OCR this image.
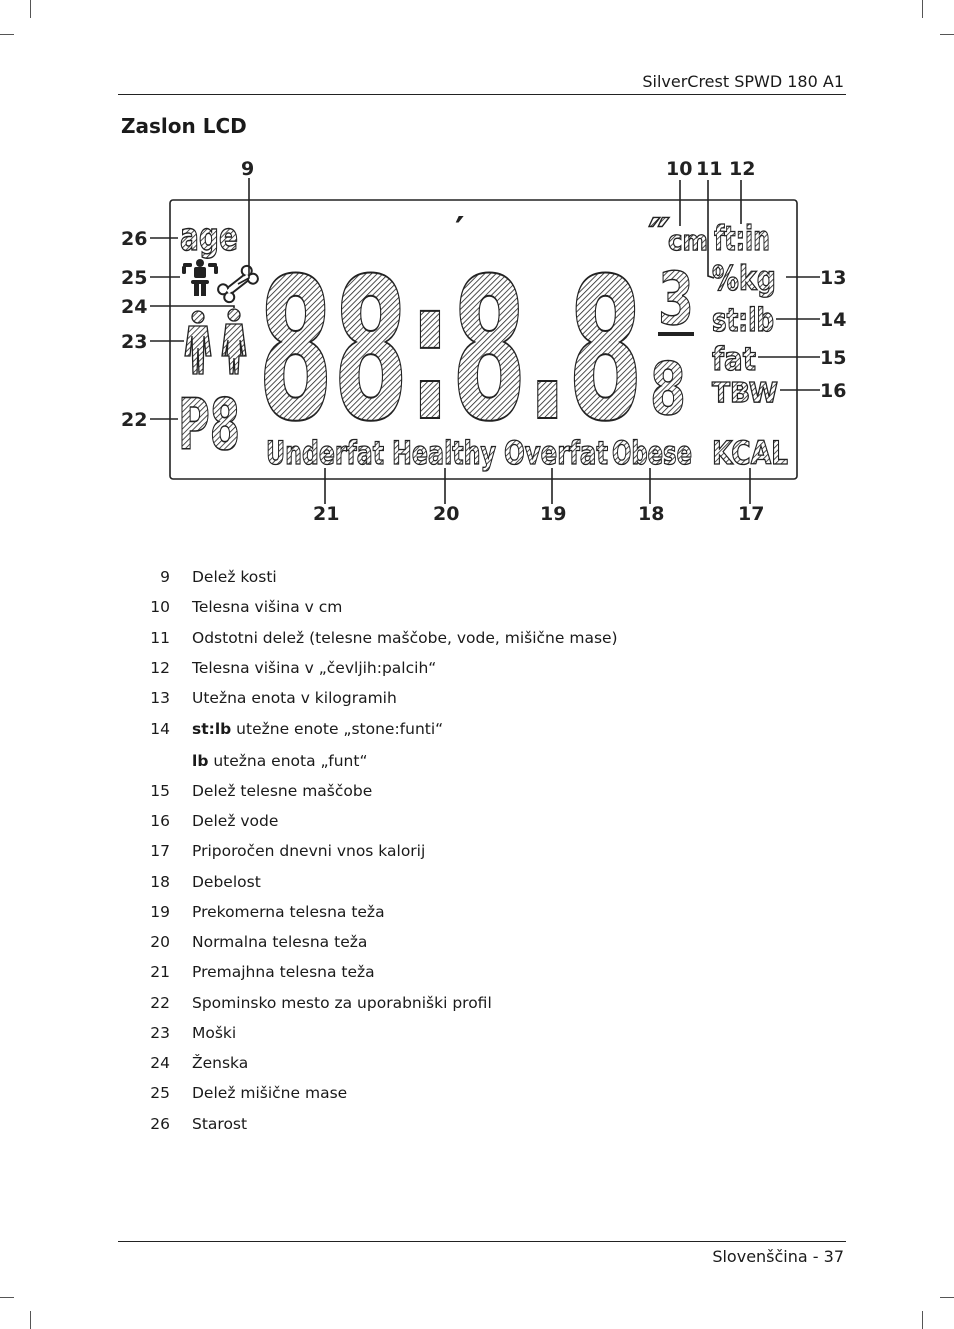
SilverCrest SPWD 180 A1
Zaslon LCD
88:8.8
′
age
P8
″
cm ft:in
3
8
%kg
st:lb
fat
TBW
Underfat Healthy Overfat Obese KCAL
9	10 11 12
13
14
15
16
17
18
19
20
21
22
23
24
25
26
9 Delež kosti
10 Telesna višina v cm
11 Odstotni delež (telesne maščobe, vode, mišične mase)
12 Telesna višina v „čevljih:palcih“
13 Utežna enota v kilogramih
14 st:lb utežne enote „stone:funti“
lb utežna enota „funt“
15 Delež telesne maščobe
16 Delež vode
17 Priporočen dnevni vnos kalorij
18 Debelost
19 Prekomerna telesna teža
20 Normalna telesna teža
21 Premajhna telesna teža
22 Spominsko mesto za uporabniški profil
23 Moški
24 Ženska
25 Delež mišične mase
26 Starost
Slovenščina - 37
